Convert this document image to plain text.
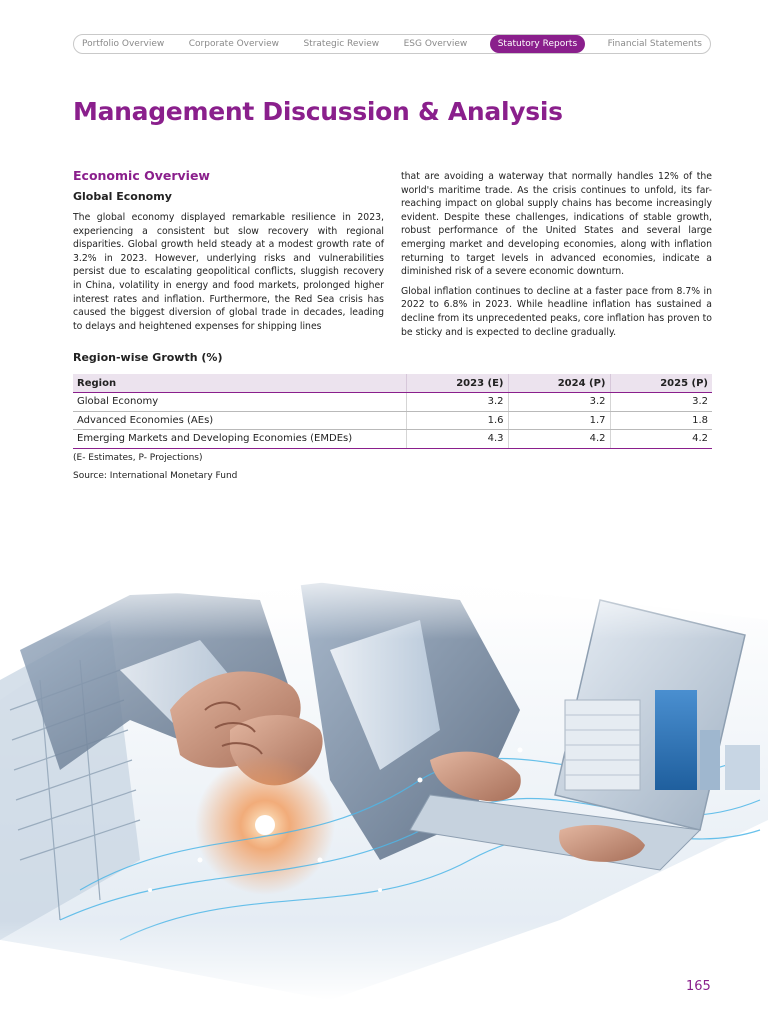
Portfolio Overview	Corporate Overview	Strategic Review	ESG Overview	Statutory Reports	Financial Statements
Management Discussion & Analysis
Economic Overview
Global Economy

The global economy displayed remarkable resilience in 2023, experiencing a consistent but slow recovery with regional disparities. Global growth held steady at a modest growth rate of 3.2% in 2023. However, underlying risks and vulnerabilities persist due to escalating geopolitical conflicts, sluggish recovery in China, volatility in energy and food markets, prolonged higher interest rates and inflation. Furthermore, the Red Sea crisis has caused the biggest diversion of global trade in decades, leading to delays and heightened expenses for shipping lines

that are avoiding a waterway that normally handles 12% of the world's maritime trade. As the crisis continues to unfold, its far-reaching impact on global supply chains has become increasingly evident. Despite these challenges, indications of stable growth, robust performance of the United States and several large emerging market and developing economies, along with inflation returning to target levels in advanced economies, indicate a diminished risk of a severe economic downturn.

Global inflation continues to decline at a faster pace from 8.7% in 2022 to 6.8% in 2023. While headline inflation has sustained a decline from its unprecedented peaks, core inflation has proven to be sticky and is expected to decline gradually.

Region-wise Growth (%)
Region	2023 (E)	2024 (P)	2025 (P)
Global Economy	3.2	3.2	3.2
Advanced Economies (AEs)	1.6	1.7	1.8
Emerging Markets and Developing Economies (EMDEs)	4.3	4.2	4.2

(E- Estimates, P- Projections)

Source: International Monetary Fund

165
